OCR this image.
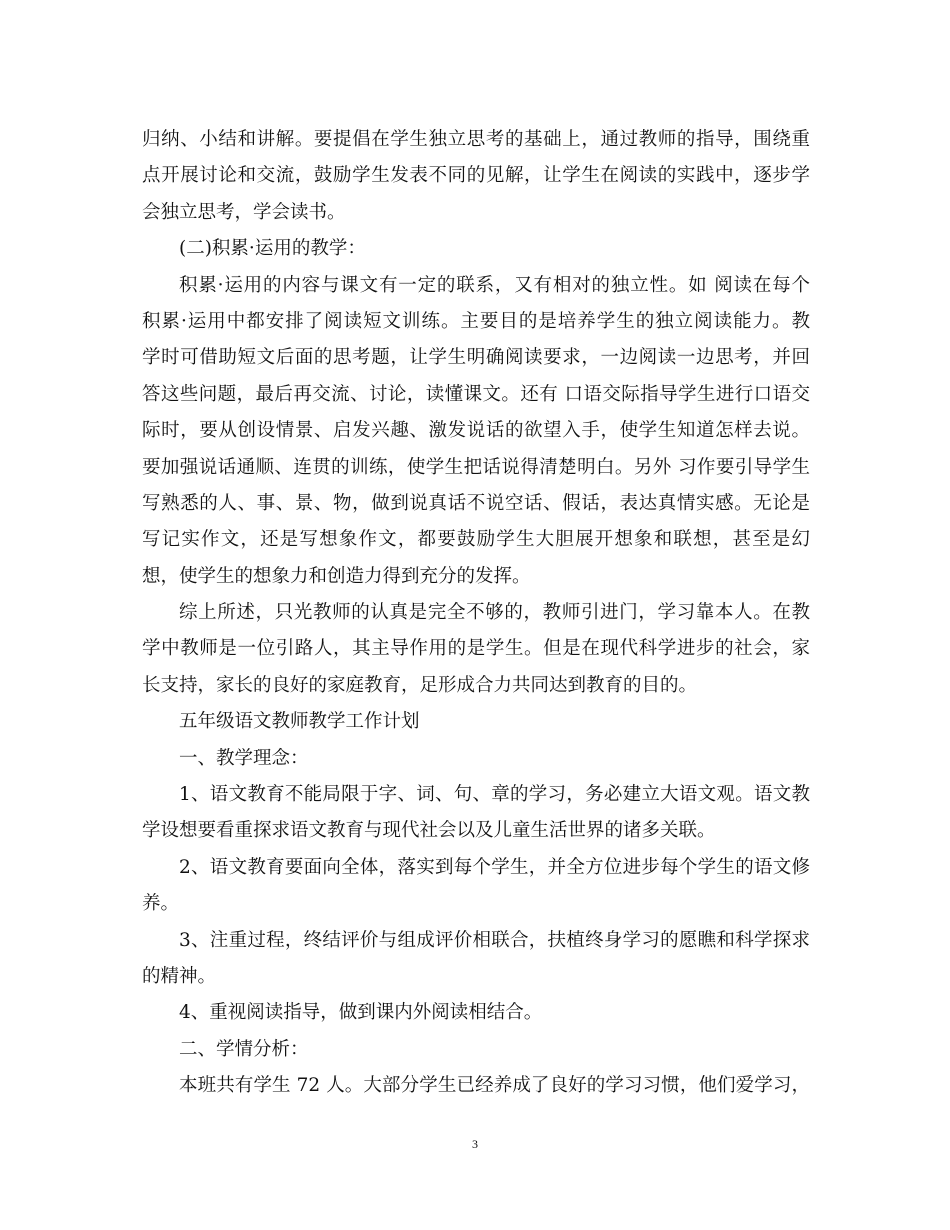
归纳、小结和讲解。要提倡在学生独立思考的基础上，通过教师的指导，围绕重
点开展讨论和交流，鼓励学生发表不同的见解，让学生在阅读的实践中，逐步学
会独立思考，学会读书。
(二)积累·运用的教学：
积累·运用的内容与课文有一定的联系，又有相对的独立性。如 阅读在每个
积累·运用中都安排了阅读短文训练。主要目的是培养学生的独立阅读能力。教
学时可借助短文后面的思考题，让学生明确阅读要求，一边阅读一边思考，并回
答这些问题，最后再交流、讨论，读懂课文。还有 口语交际指导学生进行口语交
际时，要从创设情景、启发兴趣、激发说话的欲望入手，使学生知道怎样去说。
要加强说话通顺、连贯的训练，使学生把话说得清楚明白。另外 习作要引导学生
写熟悉的人、事、景、物，做到说真话不说空话、假话，表达真情实感。无论是
写记实作文，还是写想象作文，都要鼓励学生大胆展开想象和联想，甚至是幻
想，使学生的想象力和创造力得到充分的发挥。
综上所述，只光教师的认真是完全不够的，教师引进门，学习靠本人。在教
学中教师是一位引路人，其主导作用的是学生。但是在现代科学进步的社会，家
长支持，家长的良好的家庭教育，足形成合力共同达到教育的目的。
五年级语文教师教学工作计划
一、教学理念：
1、语文教育不能局限于字、词、句、章的学习，务必建立大语文观。语文教
学设想要看重探求语文教育与现代社会以及儿童生活世界的诸多关联。
2、语文教育要面向全体，落实到每个学生，并全方位进步每个学生的语文修
养。
3、注重过程，终结评价与组成评价相联合，扶植终身学习的愿瞧和科学探求
的精神。
4、重视阅读指导，做到课内外阅读相结合。
二、学情分析：
本班共有学生 72 人。大部分学生已经养成了良好的学习习惯，他们爱学习，
3
